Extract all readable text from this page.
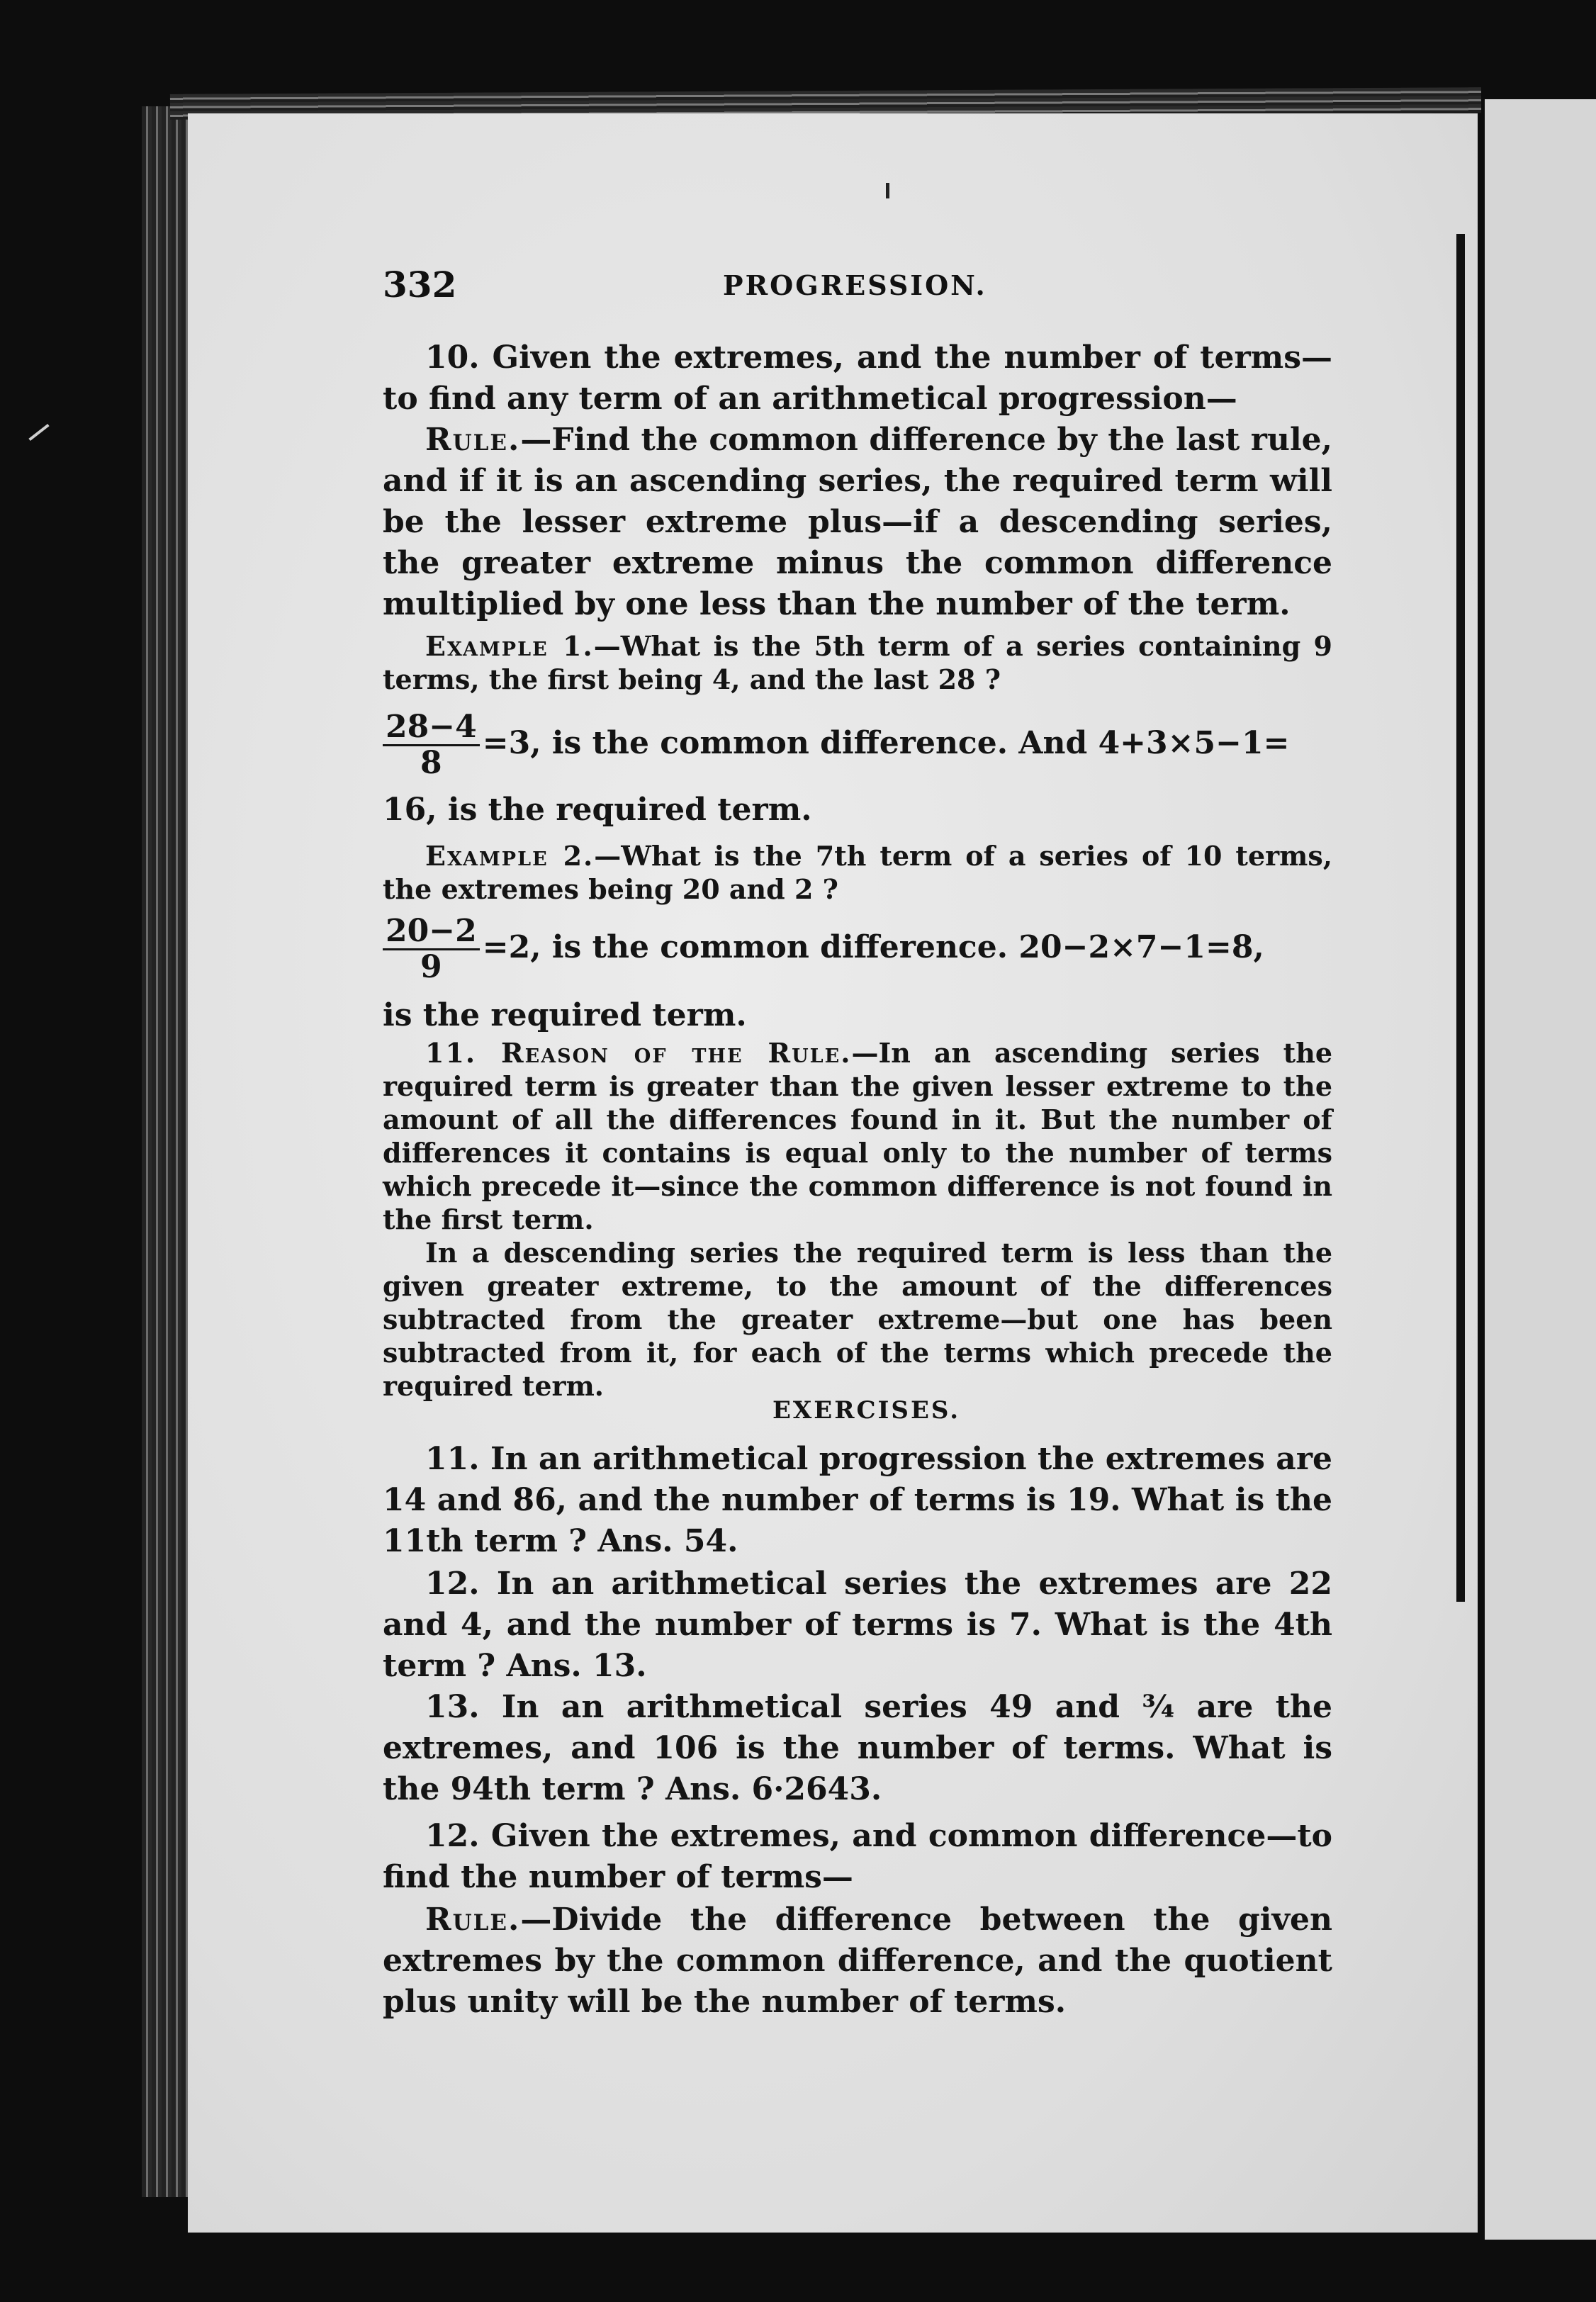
332	PROGRESSION.
10. Given the extremes, and the number of terms—to find any term of an arithmetical progression—
Rule.—Find the common difference by the last rule, and if it is an ascending series, the required term will be the lesser extreme plus—if a descending series, the greater extreme minus the common difference multiplied by one less than the number of the term.
Example 1.—What is the 5th term of a series containing 9 terms, the first being 4, and the last 28 ?
$\frac{28-4}{8} =3$, is the common difference. And 4+3×5−1=
16, is the required term.
Example 2.—What is the 7th term of a series of 10 terms, the extremes being 20 and 2 ?
$\frac{20-2}{9} =2$, is the common difference. 20−2×7−1=8,
is the required term.
11. Reason of the Rule.—In an ascending series the required term is greater than the given lesser extreme to the amount of all the differences found in it. But the number of differences it contains is equal only to the number of terms which precede it—since the common difference is not found in the first term.
In a descending series the required term is less than the given greater extreme, to the amount of the differences subtracted from the greater extreme—but one has been subtracted from it, for each of the terms which precede the required term.
EXERCISES.
11. In an arithmetical progression the extremes are 14 and 86, and the number of terms is 19. What is the 11th term ? Ans. 54.
12. In an arithmetical series the extremes are 22 and 4, and the number of terms is 7. What is the 4th term ? Ans. 13.
13. In an arithmetical series 49 and ¾ are the extremes, and 106 is the number of terms. What is the 94th term ? Ans. 6·2643.
12. Given the extremes, and common difference—to find the number of terms—
Rule.—Divide the difference between the given extremes by the common difference, and the quotient plus unity will be the number of terms.
